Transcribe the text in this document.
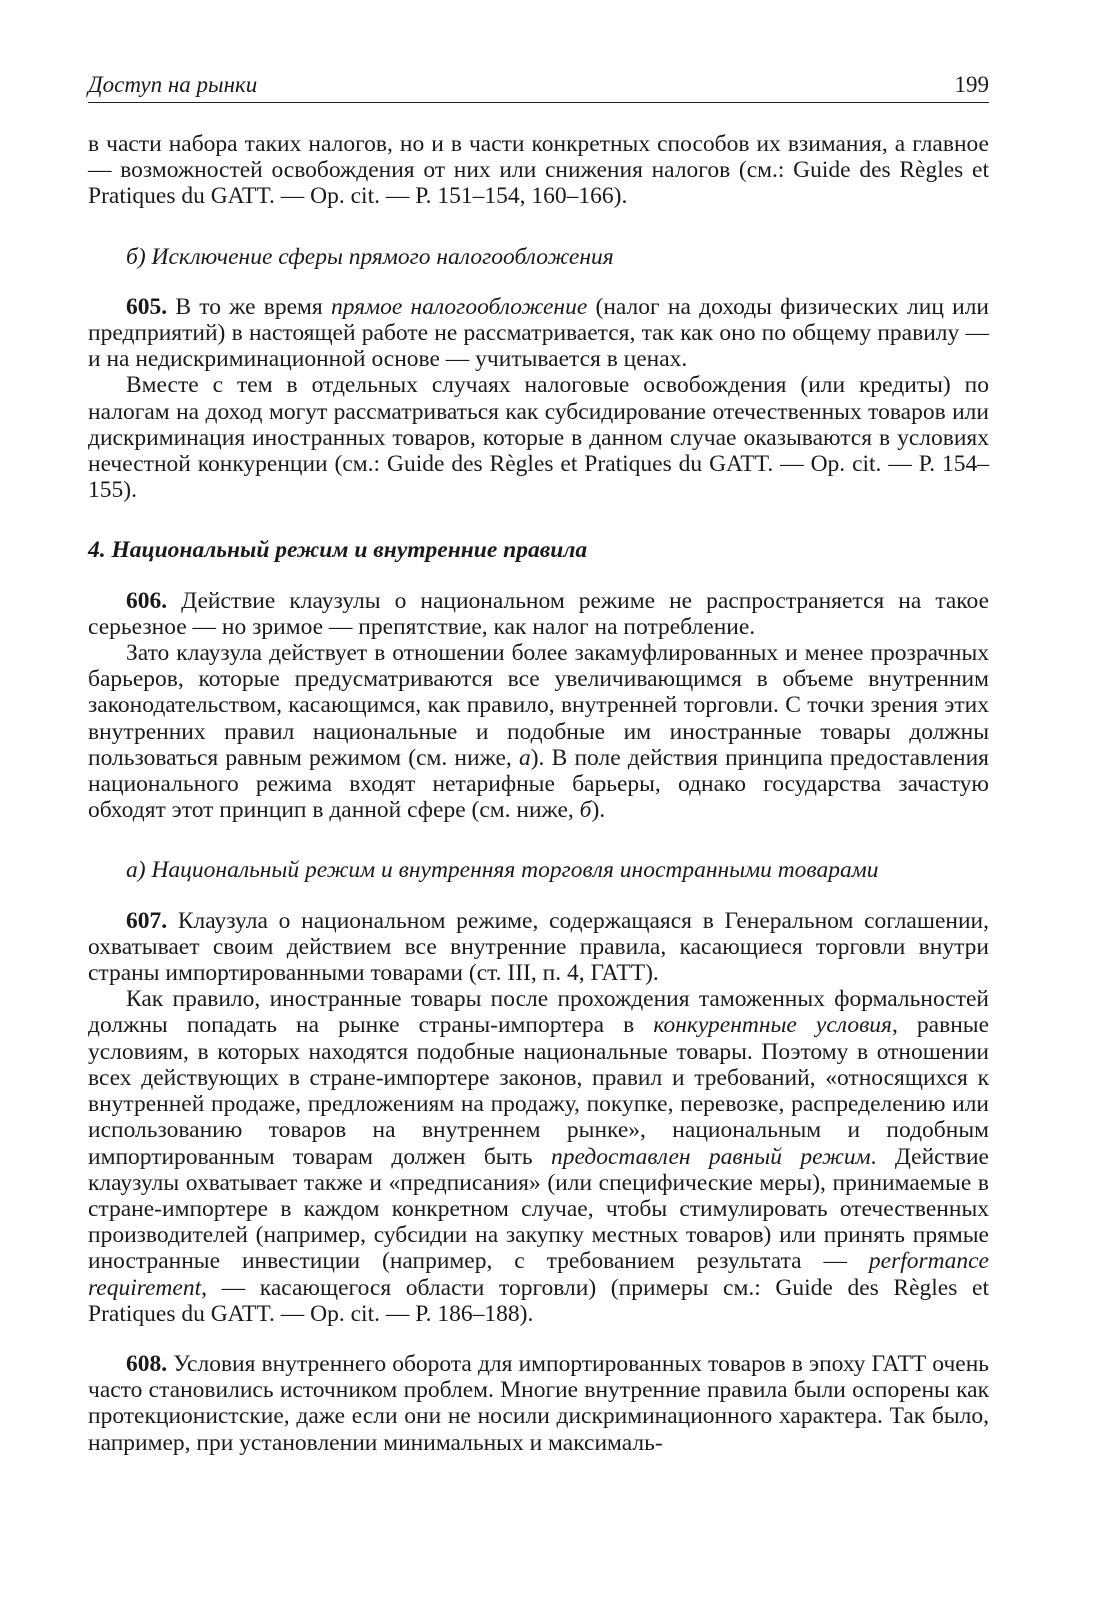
Доступ на рынки	199

в части набора таких налогов, но и в части конкретных способов их взимания, а главное — возможностей освобождения от них или снижения налогов (см.: Guide des Règles et Pratiques du GATT. — Op. cit. — P. 151–154, 160–166).

б) Исключение сферы прямого налогообложения

605. В то же время прямое налогообложение (налог на доходы физических лиц или предприятий) в настоящей работе не рассматривается, так как оно по общему правилу — и на недискриминационной основе — учитывается в ценах.

Вместе с тем в отдельных случаях налоговые освобождения (или кредиты) по налогам на доход могут рассматриваться как субсидирование отечественных товаров или дискриминация иностранных товаров, которые в данном случае оказываются в условиях нечестной конкуренции (см.: Guide des Règles et Pratiques du GATT. — Op. cit. — P. 154–155).

4. Национальный режим и внутренние правила

606. Действие клаузулы о национальном режиме не распространяется на такое серьезное — но зримое — препятствие, как налог на потребление.

Зато клаузула действует в отношении более закамуфлированных и менее прозрачных барьеров, которые предусматриваются все увеличивающимся в объеме внутренним законодательством, касающимся, как правило, внутренней торговли. С точки зрения этих внутренних правил национальные и подобные им иностранные товары должны пользоваться равным режимом (см. ниже, а). В поле действия принципа предоставления национального режима входят нетарифные барьеры, однако государства зачастую обходят этот принцип в данной сфере (см. ниже, б).

а) Национальный режим и внутренняя торговля иностранными товарами

607. Клаузула о национальном режиме, содержащаяся в Генеральном соглашении, охватывает своим действием все внутренние правила, касающиеся торговли внутри страны импортированными товарами (ст. III, п. 4, ГАТТ).

Как правило, иностранные товары после прохождения таможенных формальностей должны попадать на рынке страны-импортера в конкурентные условия, равные условиям, в которых находятся подобные национальные товары. Поэтому в отношении всех действующих в стране-импортере законов, правил и требований, «относящихся к внутренней продаже, предложениям на продажу, покупке, перевозке, распределению или использованию товаров на внутреннем рынке», национальным и подобным импортированным товарам должен быть предоставлен равный режим. Действие клаузулы охватывает также и «предписания» (или специфические меры), принимаемые в стране-импортере в каждом конкретном случае, чтобы стимулировать отечественных производителей (например, субсидии на закупку местных товаров) или принять прямые иностранные инвестиции (например, с требованием результата — performance requirement, — касающегося области торговли) (примеры см.: Guide des Règles et Pratiques du GATT. — Op. cit. — P. 186–188).

608. Условия внутреннего оборота для импортированных товаров в эпоху ГАТТ очень часто становились источником проблем. Многие внутренние правила были оспорены как протекционистские, даже если они не носили дискриминационного характера. Так было, например, при установлении минимальных и максималь-
